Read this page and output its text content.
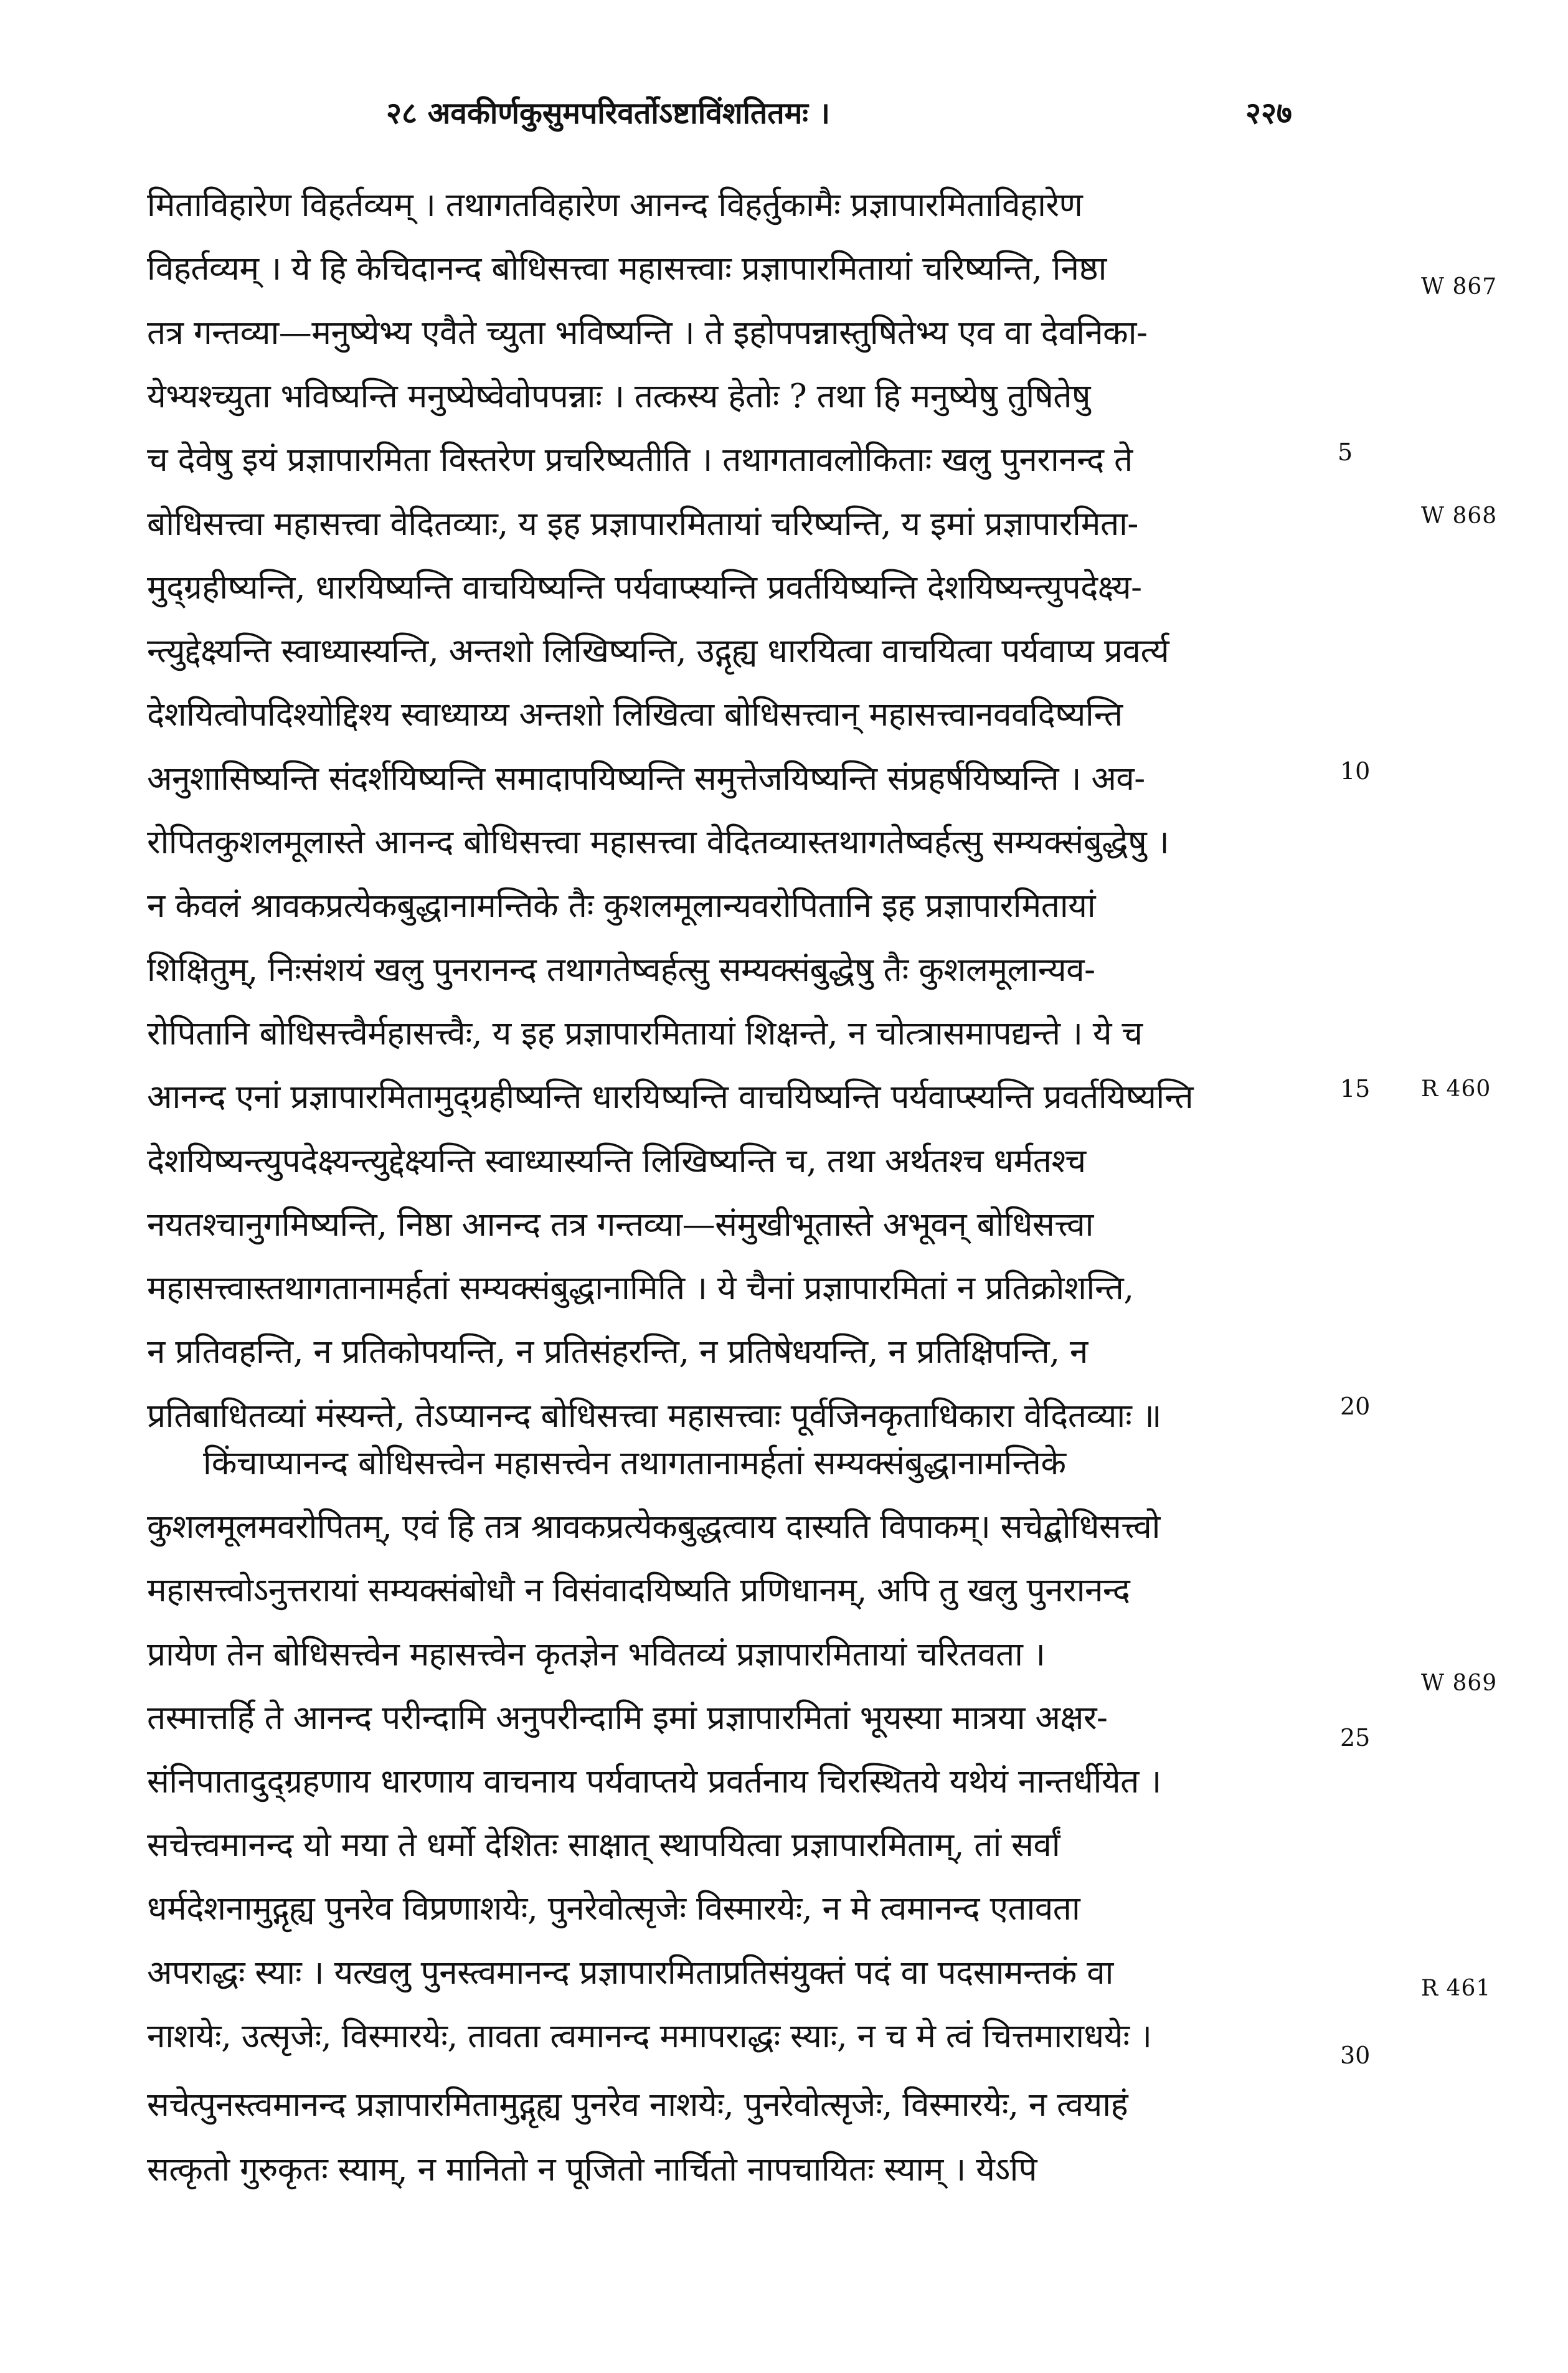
२८ अवकीर्णकुसुमपरिवर्तोऽष्टाविंशतितमः ।	२२७
मिताविहारेण विहर्तव्यम् । तथागतविहारेण आनन्द विहर्तुकामैः प्रज्ञापारमिताविहारेण
विहर्तव्यम् । ये हि केचिदानन्द बोधिसत्त्वा महासत्त्वाः प्रज्ञापारमितायां चरिष्यन्ति, निष्ठा
तत्र गन्तव्या—मनुष्येभ्य एवैते च्युता भविष्यन्ति । ते इहोपपन्नास्तुषितेभ्य एव वा देवनिका-
येभ्यश्च्युता भविष्यन्ति मनुष्येष्वेवोपपन्नाः । तत्कस्य हेतोः ? तथा हि मनुष्येषु तुषितेषु
च देवेषु इयं प्रज्ञापारमिता विस्तरेण प्रचरिष्यतीति । तथागतावलोकिताः खलु पुनरानन्द ते
बोधिसत्त्वा महासत्त्वा वेदितव्याः, य इह प्रज्ञापारमितायां चरिष्यन्ति, य इमां प्रज्ञापारमिता-
मुद्ग्रहीष्यन्ति, धारयिष्यन्ति वाचयिष्यन्ति पर्यवाप्स्यन्ति प्रवर्तयिष्यन्ति देशयिष्यन्त्युपदेक्ष्य-
न्त्युद्देक्ष्यन्ति स्वाध्यास्यन्ति, अन्तशो लिखिष्यन्ति, उद्गृह्य धारयित्वा वाचयित्वा पर्यवाप्य प्रवर्त्य
देशयित्वोपदिश्योद्दिश्य स्वाध्याय्य अन्तशो लिखित्वा बोधिसत्त्वान् महासत्त्वानववदिष्यन्ति
अनुशासिष्यन्ति संदर्शयिष्यन्ति समादापयिष्यन्ति समुत्तेजयिष्यन्ति संप्रहर्षयिष्यन्ति । अव-
रोपितकुशलमूलास्ते आनन्द बोधिसत्त्वा महासत्त्वा वेदितव्यास्तथागतेष्वर्हत्सु सम्यक्संबुद्धेषु ।
न केवलं श्रावकप्रत्येकबुद्धानामन्तिके तैः कुशलमूलान्यवरोपितानि इह प्रज्ञापारमितायां
शिक्षितुम्, निःसंशयं खलु पुनरानन्द तथागतेष्वर्हत्सु सम्यक्संबुद्धेषु तैः कुशलमूलान्यव-
रोपितानि बोधिसत्त्वैर्महासत्त्वैः, य इह प्रज्ञापारमितायां शिक्षन्ते, न चोत्त्रासमापद्यन्ते । ये च
आनन्द एनां प्रज्ञापारमितामुद्ग्रहीष्यन्ति धारयिष्यन्ति वाचयिष्यन्ति पर्यवाप्स्यन्ति प्रवर्तयिष्यन्ति
देशयिष्यन्त्युपदेक्ष्यन्त्युद्देक्ष्यन्ति स्वाध्यास्यन्ति लिखिष्यन्ति च, तथा अर्थतश्च धर्मतश्च
नयतश्चानुगमिष्यन्ति, निष्ठा आनन्द तत्र गन्तव्या—संमुखीभूतास्ते अभूवन् बोधिसत्त्वा
महासत्त्वास्तथागतानामर्हतां सम्यक्संबुद्धानामिति । ये चैनां प्रज्ञापारमितां न प्रतिक्रोशन्ति,
न प्रतिवहन्ति, न प्रतिकोपयन्ति, न प्रतिसंहरन्ति, न प्रतिषेधयन्ति, न प्रतिक्षिपन्ति, न
प्रतिबाधितव्यां मंस्यन्ते, तेऽप्यानन्द बोधिसत्त्वा महासत्त्वाः पूर्वजिनकृताधिकारा वेदितव्याः ॥
किंचाप्यानन्द बोधिसत्त्वेन महासत्त्वेन तथागतानामर्हतां सम्यक्संबुद्धानामन्तिके
कुशलमूलमवरोपितम्, एवं हि तत्र श्रावकप्रत्येकबुद्धत्वाय दास्यति विपाकम्। सचेद्बोधिसत्त्वो
महासत्त्वोऽनुत्तरायां सम्यक्संबोधौ न विसंवादयिष्यति प्रणिधानम्, अपि तु खलु पुनरानन्द
प्रायेण तेन बोधिसत्त्वेन महासत्त्वेन कृतज्ञेन भवितव्यं प्रज्ञापारमितायां चरितवता ।
तस्मात्तर्हि ते आनन्द परीन्दामि अनुपरीन्दामि इमां प्रज्ञापारमितां भूयस्या मात्रया अक्षर-
संनिपातादुद्ग्रहणाय धारणाय वाचनाय पर्यवाप्तये प्रवर्तनाय चिरस्थितये यथेयं नान्तर्धीयेत ।
सचेत्त्वमानन्द यो मया ते धर्मो देशितः साक्षात् स्थापयित्वा प्रज्ञापारमिताम्, तां सर्वां
धर्मदेशनामुद्गृह्य पुनरेव विप्रणाशयेः, पुनरेवोत्सृजेः विस्मारयेः, न मे त्वमानन्द एतावता
अपराद्धः स्याः । यत्खलु पुनस्त्वमानन्द प्रज्ञापारमिताप्रतिसंयुक्तं पदं वा पदसामन्तकं वा
नाशयेः, उत्सृजेः, विस्मारयेः, तावता त्वमानन्द ममापराद्धः स्याः, न च मे त्वं चित्तमाराधयेः ।
सचेत्पुनस्त्वमानन्द प्रज्ञापारमितामुद्गृह्य पुनरेव नाशयेः, पुनरेवोत्सृजेः, विस्मारयेः, न त्वयाहं
सत्कृतो गुरुकृतः स्याम्, न मानितो न पूजितो नार्चितो नापचायितः स्याम् । येऽपि
5
10
15
20
25
30
W 867
W 868
R 460
W 869
R 461
